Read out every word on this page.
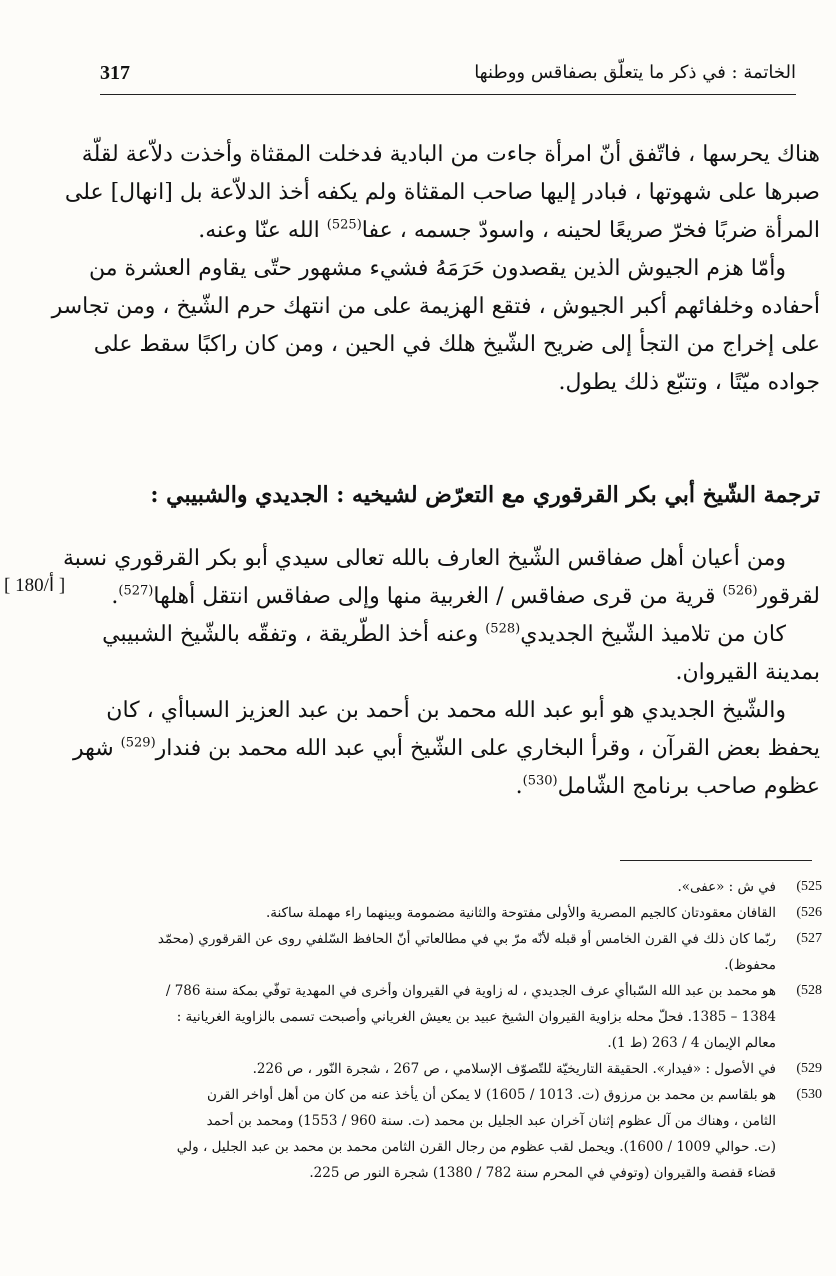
317	الخاتمة : في ذكر ما يتعلّق بصفاقس ووطنها
هناك يحرسها ، فاتّفق أنّ امرأة جاءت من البادية فدخلت المقثاة وأخذت دلاّعة لقلّة
صبرها على شهوتها ، فبادر إليها صاحب المقثاة ولم يكفه أخذ الدلاّعة بل [انهال] على
المرأة ضربًا فخرّ صريعًا لحينه ، واسودّ جسمه ، عفا$^{(525)}$ الله عنّا وعنه.
وأمّا هزم الجيوش الذين يقصدون حَرَمَهُ فشيء مشهور حتّى يقاوم العشرة من
أحفاده وخلفائهم أكبر الجيوش ، فتقع الهزيمة على من انتهك حرم الشّيخ ، ومن تجاسر
على إخراج من التجأ إلى ضريح الشّيخ هلك في الحين ، ومن كان راكبًا سقط على
جواده ميّتًا ، وتتبّع ذلك يطول.
ترجمة الشّيخ أبي بكر القرقوري مع التعرّض لشيخيه : الجديدي والشبيبي :
[ 180/أ ]
ومن أعيان أهل صفاقس الشّيخ العارف بالله تعالى سيدي أبو بكر القرقوري نسبة
لقرقور$^{(526)}$ قرية من قرى صفاقس / الغربية منها وإلى صفاقس انتقل أهلها$^{(527)}$.
كان من تلاميذ الشّيخ الجديدي$^{(528)}$ وعنه أخذ الطّريقة ، وتفقّه بالشّيخ الشبيبي
بمدينة القيروان.
والشّيخ الجديدي هو أبو عبد الله محمد بن أحمد بن عبد العزيز السباأي ، كان
يحفظ بعض القرآن ، وقرأ البخاري على الشّيخ أبي عبد الله محمد بن فندار$^{(529)}$ شهر
عظوم صاحب برنامج الشّامل$^{(530)}$.
(525
في ش : «عفى».
(526
القافان معقودتان كالجيم المصرية والأولى مفتوحة والثانية مضمومة وبينهما راء مهملة ساكنة.
(527
ربّما كان ذلك في القرن الخامس أو قبله لأنّه مرّ بي في مطالعاتي أنّ الحافظ السّلفي روى عن القرقوري (محمّد
محفوظ).
(528
هو محمد بن عبد الله السّباأي عرف الجديدي ، له زاوية في القيروان وأخرى في المهدية توفّي بمكة سنة 786 /
1384 – 1385. فحلّ محله بزاوية القيروان الشيخ عبيد بن يعيش الغرياني وأصبحت تسمى بالزاوية الغريانية :
معالم الإيمان 4 / 263 (ط 1).
(529
في الأصول : «فيدار». الحقيقة التاريخيّة للتّصوّف الإسلامي ، ص 267 ، شجرة النّور ، ص 226.
(530
هو بلقاسم بن محمد بن مرزوق (ت. 1013 / 1605) لا يمكن أن يأخذ عنه من كان من أهل أواخر القرن
الثامن ، وهناك من آل عظوم إثنان آخران عبد الجليل بن محمد (ت. سنة 960 / 1553) ومحمد بن أحمد
(ت. حوالي 1009 / 1600). ويحمل لقب عظوم من رجال القرن الثامن محمد بن محمد بن عبد الجليل ، ولي
قضاء قفصة والقيروان (وتوفي في المحرم سنة 782 / 1380) شجرة النور ص 225.
